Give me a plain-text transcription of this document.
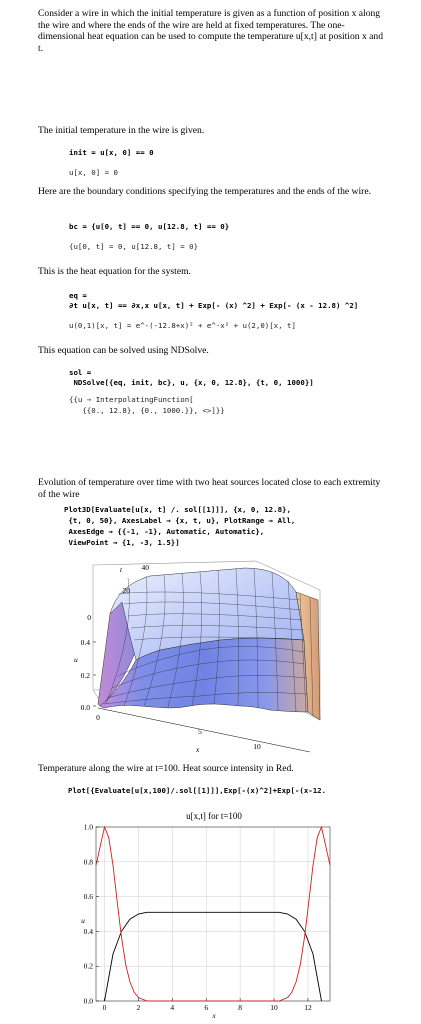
Consider a wire in which the initial temperature is given as a function of position x along the wire and where the ends of the wire are held at fixed temperatures. The one-dimensional heat equation can be used to compute the temperature u[x,t] at position x and t.
The initial temperature in the wire is given.
init = u[x, 0] == 0
u[x, 0] = 0
Here are the boundary conditions specifying the temperatures and the ends of the wire.
bc = {u[0, t] == 0, u[12.8, t] == 0}
{u[0, t] = 0, u[12.8, t] = 0}
This is the heat equation for the system.
eq =
∂t u[x, t] == ∂x,x u[x, t] + Exp[- (x) ^2] + Exp[- (x - 12.8) ^2]
u(0,1)[x, t] = e^-(-12.8+x)² + e^-x² + u(2,0)[x, t]
This equation can be solved using NDSolve.
sol =
NDSolve[{eq, init, bc}, u, {x, 0, 12.8}, {t, 0, 1000}]
{{u → InterpolatingFunction[
{{0., 12.8}, {0., 1000.}}, <>]}}
Evolution of temperature over time with two heat sources located close to each extremity of the wire
Plot3D[Evaluate[u[x, t] /. sol[[1]]], {x, 0, 12.8},
{t, 0, 50}, AxesLabel → {x, t, u}, PlotRange → All,
AxesEdge → {{-1, -1}, Automatic, Automatic},
ViewPoint → {1, -3, 1.5}]
40
20
0
0.4
0.2
0.0
0
5
10
t
u
x
Temperature along the wire at t=100. Heat source intensity in Red.
Plot[{Evaluate[u[x,100]/.sol[[1]]],Exp[-(x)^2]+Exp[-(x-12.
u[x,t] for t=100
0	2	4	6	8	10	12
0.0
0.2
0.4
0.6
0.8
1.0
x
u
